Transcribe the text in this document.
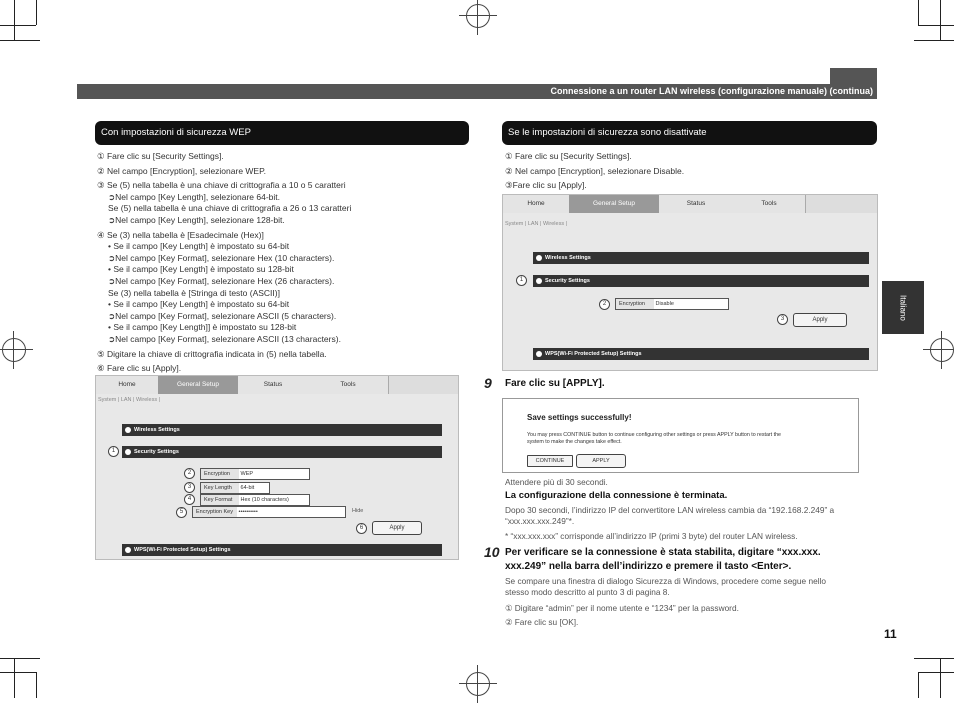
Connessione a un router LAN wireless (configurazione manuale) (continua)
Italiano
11
Con impostazioni di sicurezza WEP
① Fare clic su [Security Settings].
② Nel campo [Encryption], selezionare WEP.
③ Se (5) nella tabella è una chiave di crittografia a 10 o 5 caratteri
➲Nel campo [Key Length], selezionare 64-bit.
Se (5) nella tabella è una chiave di crittografia a 26 o 13 caratteri
➲Nel campo [Key Length], selezionare 128-bit.
④ Se (3) nella tabella è [Esadecimale (Hex)]
• Se il campo [Key Length] è impostato su 64-bit
➲Nel campo [Key Format], selezionare Hex (10 characters).
• Se il campo [Key Length] è impostato su 128-bit
➲Nel campo [Key Format], selezionare Hex (26 characters).
Se (3) nella tabella è [Stringa di testo (ASCII)]
• Se il campo [Key Length] è impostato su 64-bit
➲Nel campo [Key Format], selezionare ASCII (5 characters).
• Se il campo [Key Length]] è impostato su 128-bit
➲Nel campo [Key Format], selezionare ASCII (13 characters).
⑤ Digitare la chiave di crittografia indicata in (5) nella tabella.
⑥ Fare clic su [Apply].
Home	General Setup	Status	Tools
System | LAN | Wireless |
Wireless Settings
Security Settings
1
2	Encryption WEP
3	Key Length 64-bit
4	Key Format Hex (10 characters)
5	Encryption Key ••••••••••	Hide
6	Apply
WPS(Wi-Fi Protected Setup) Settings
Se le impostazioni di sicurezza sono disattivate
① Fare clic su [Security Settings].
② Nel campo [Encryption], selezionare Disable.
③Fare clic su [Apply].
Home	General Setup	Status	Tools
System | LAN | Wireless |
Wireless Settings
Security Settings
1
2	Encryption Disable
3	Apply
WPS(Wi-Fi Protected Setup) Settings
9 Fare clic su [APPLY].
Save settings successfully!
You may press CONTINUE button to continue configuring other settings or press APPLY button to restart the
system to make the changes take effect.
CONTINUE	APPLY
Attendere più di 30 secondi.
La configurazione della connessione è terminata.
Dopo 30 secondi, l’indirizzo IP del convertitore LAN wireless cambia da “192.168.2.249” a
“xxx.xxx.xxx.249”*.
* “xxx.xxx.xxx” corrisponde all’indirizzo IP (primi 3 byte) del router LAN wireless.
10 Per verificare se la connessione è stata stabilita, digitare “xxx.xxx.
xxx.249” nella barra dell’indirizzo e premere il tasto <Enter>.
Se compare una finestra di dialogo Sicurezza di Windows, procedere come segue nello
stesso modo descritto al punto 3 di pagina 8.
① Digitare “admin” per il nome utente e “1234” per la password.
② Fare clic su [OK].
